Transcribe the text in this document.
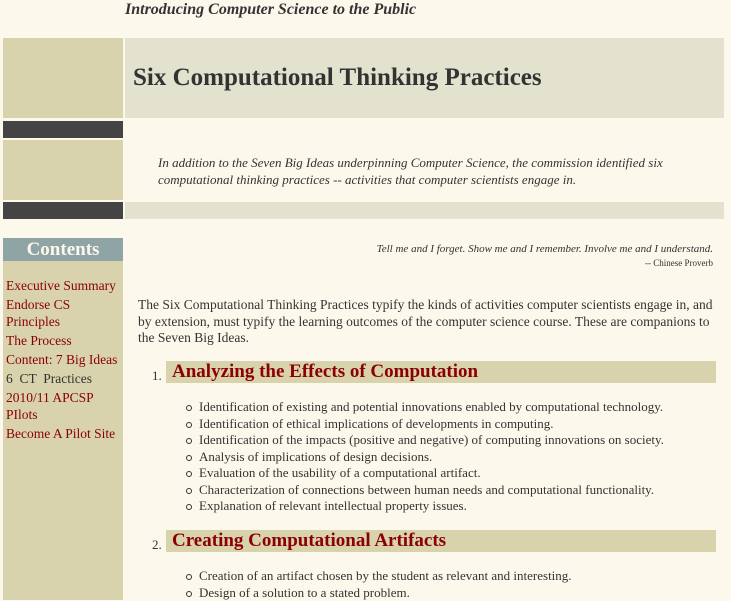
Introducing Computer Science to the Public
Contents
Executive Summary
Endorse CS Principles
The Process
Content: 7 Big Ideas
6  CT  Practices
2010/11 APCSP PIlots
Become A Pilot Site
Six Computational Thinking Practices
In addition to the Seven Big Ideas underpinning Computer Science, the commission identified six computational thinking practices -- activities that computer scientists engage in.
Tell me and I forget. Show me and I remember. Involve me and I understand.
-- Chinese Proverb
The Six Computational Thinking Practices typify the kinds of activities computer scientists engage in, and by extension, must typify the learning outcomes of the computer science course. These are companions to the Seven Big Ideas.
1. Analyzing the Effects of Computation
Identification of existing and potential innovations enabled by computational technology.
Identification of ethical implications of developments in computing.
Identification of the impacts (positive and negative) of computing innovations on society.
Analysis of implications of design decisions.
Evaluation of the usability of a computational artifact.
Characterization of connections between human needs and computational functionality.
Explanation of relevant intellectual property issues.
2. Creating Computational Artifacts
Creation of an artifact chosen by the student as relevant and interesting.
Design of a solution to a stated problem.
